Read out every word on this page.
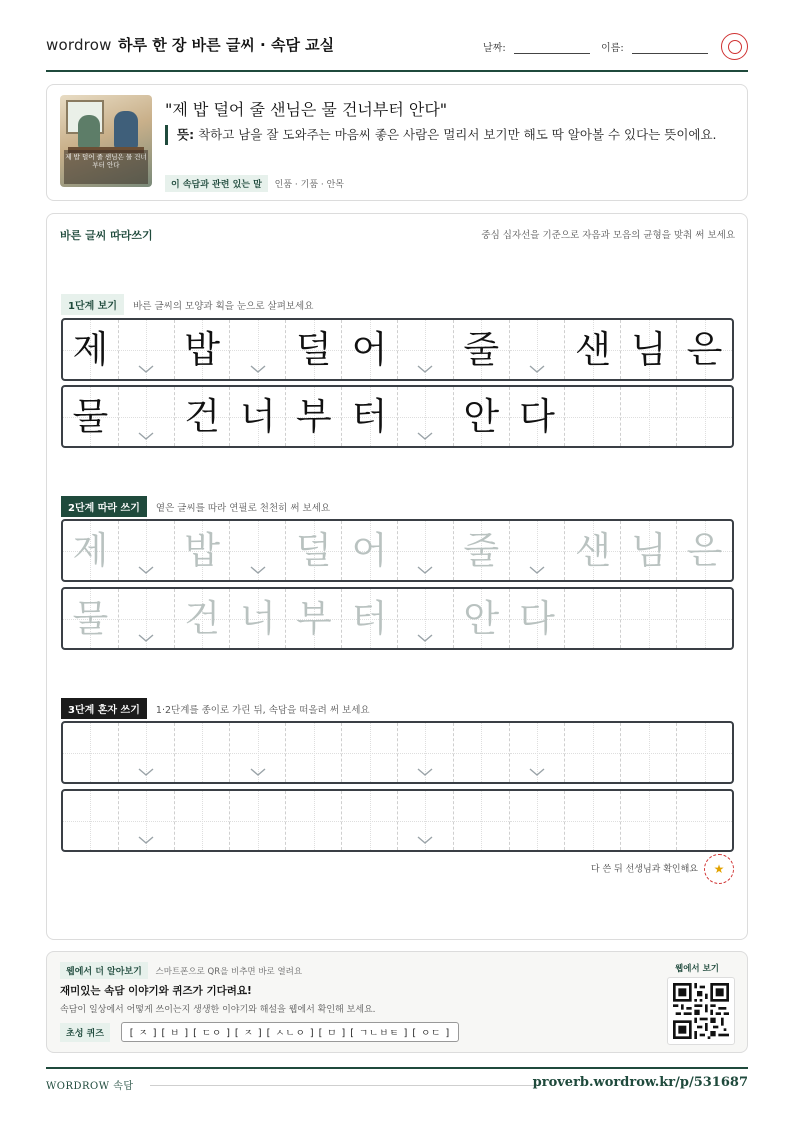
wordrow 하루 한 장 바른 글씨 · 속담 교실	날짜:	이름:
제 밥 덜어 줄 샌님은 물 건너부터 안다
"제 밥 덜어 줄 샌님은 물 건너부터 안다"
뜻: 착하고 남을 잘 도와주는 마음씨 좋은 사람은 멀리서 보기만 해도 딱 알아볼 수 있다는 뜻이에요.
이 속담과 관련 있는 말 인품 · 기품 · 안목
바른 글씨 따라쓰기	중심 십자선을 기준으로 자음과 모음의 균형을 맞춰 써 보세요
1단계 보기 바른 글씨의 모양과 획을 눈으로 살펴보세요
제 밥 덜 어 줄 샌 님 은
물 건 너 부 터 안 다
2단계 따라 쓰기 옅은 글씨를 따라 연필로 천천히 써 보세요
제 밥 덜 어 줄 샌 님 은
물 건 너 부 터 안 다
3단계 혼자 쓰기 1·2단계를 종이로 가린 뒤, 속담을 떠올려 써 보세요
다 쓴 뒤 선생님과 확인해요★
웹에서 더 알아보기 스마트폰으로 QR을 비추면 바로 열려요
재미있는 속담 이야기와 퀴즈가 기다려요!
속담이 일상에서 어떻게 쓰이는지 생생한 이야기와 해설을 웹에서 확인해 보세요.
초성 퀴즈	[ ㅈ ] [ ㅂ ] [ ㄷㅇ ] [ ㅈ ] [ ㅅㄴㅇ ] [ ㅁ ] [ ㄱㄴㅂㅌ ] [ ㅇㄷ ]
웹에서 보기
WORDROW 속담	proverb.wordrow.kr/p/531687
